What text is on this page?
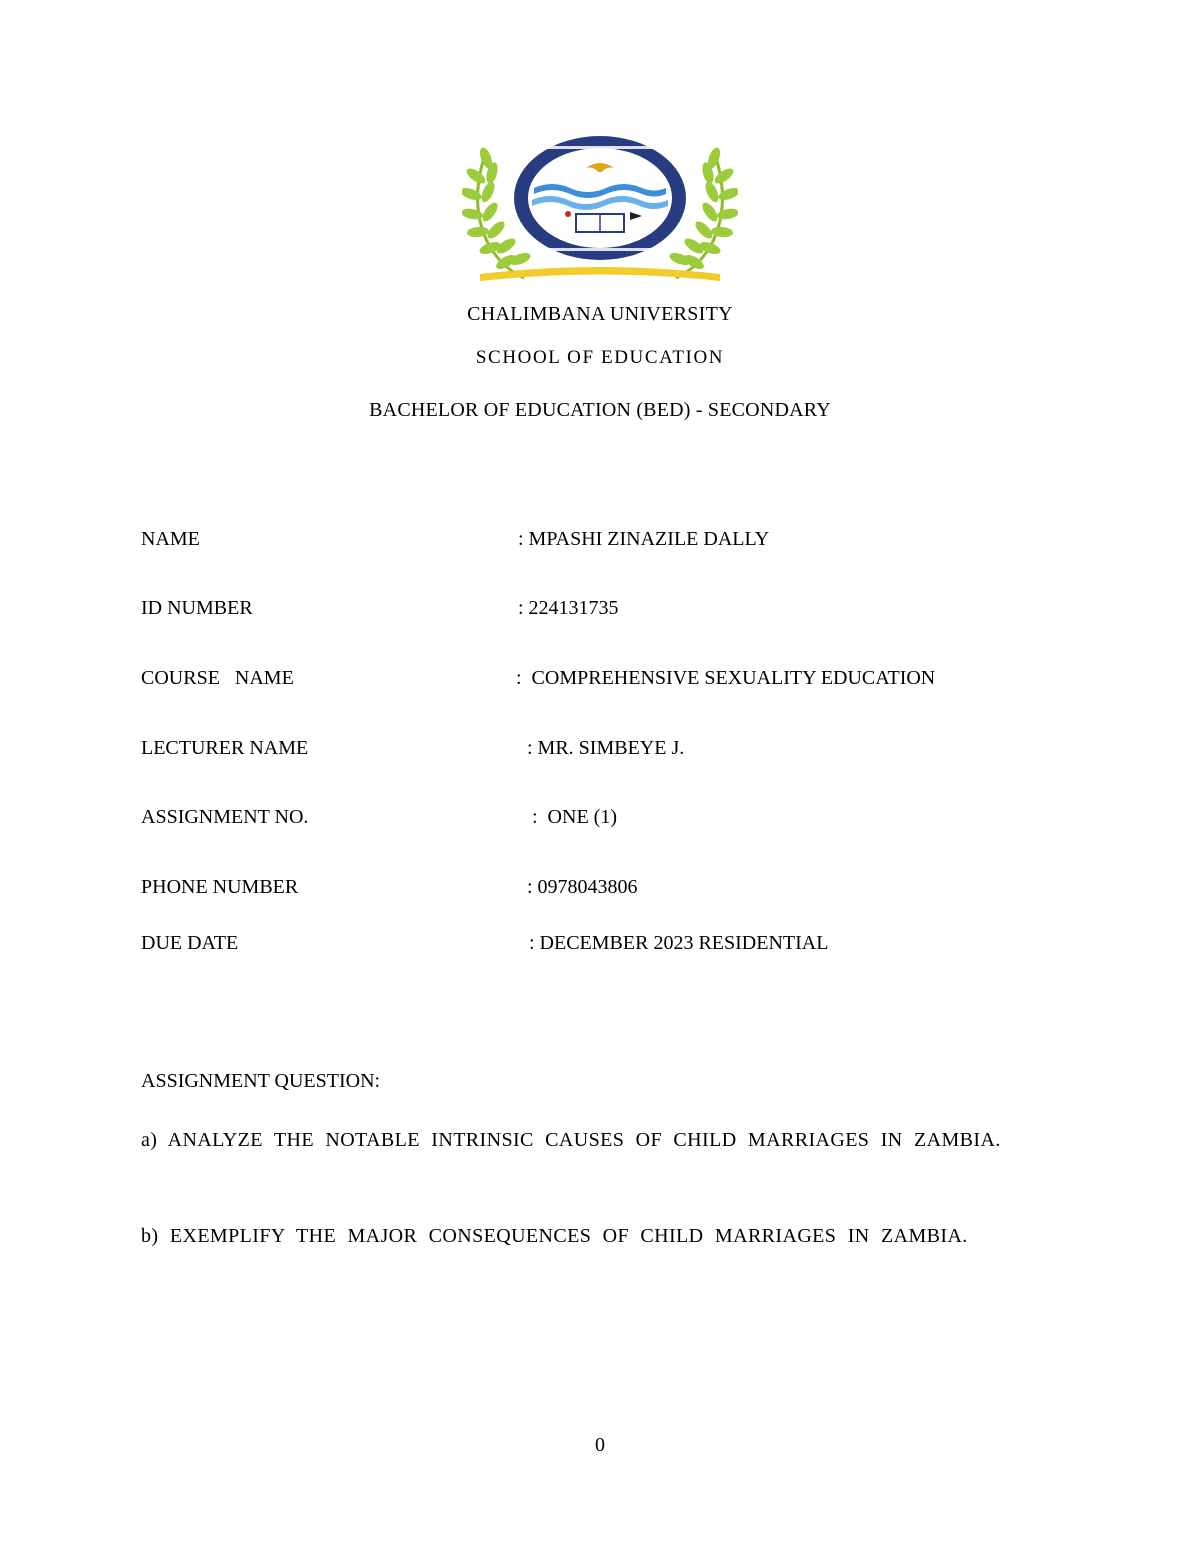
CHALIMBANA UNIVERSITY
SCHOOL OF EDUCATION
BACHELOR OF EDUCATION (BED) - SECONDARY
NAME	: MPASHI ZINAZILE DALLY
ID NUMBER	: 224131735
COURSE   NAME	:  COMPREHENSIVE SEXUALITY EDUCATION
LECTURER NAME	: MR. SIMBEYE J.
ASSIGNMENT NO.	:  ONE (1)
PHONE NUMBER	: 0978043806
DUE DATE	: DECEMBER 2023 RESIDENTIAL
ASSIGNMENT QUESTION:
a) ANALYZE THE NOTABLE INTRINSIC CAUSES OF CHILD MARRIAGES IN ZAMBIA.
b) EXEMPLIFY THE MAJOR CONSEQUENCES OF CHILD MARRIAGES IN ZAMBIA.
0
